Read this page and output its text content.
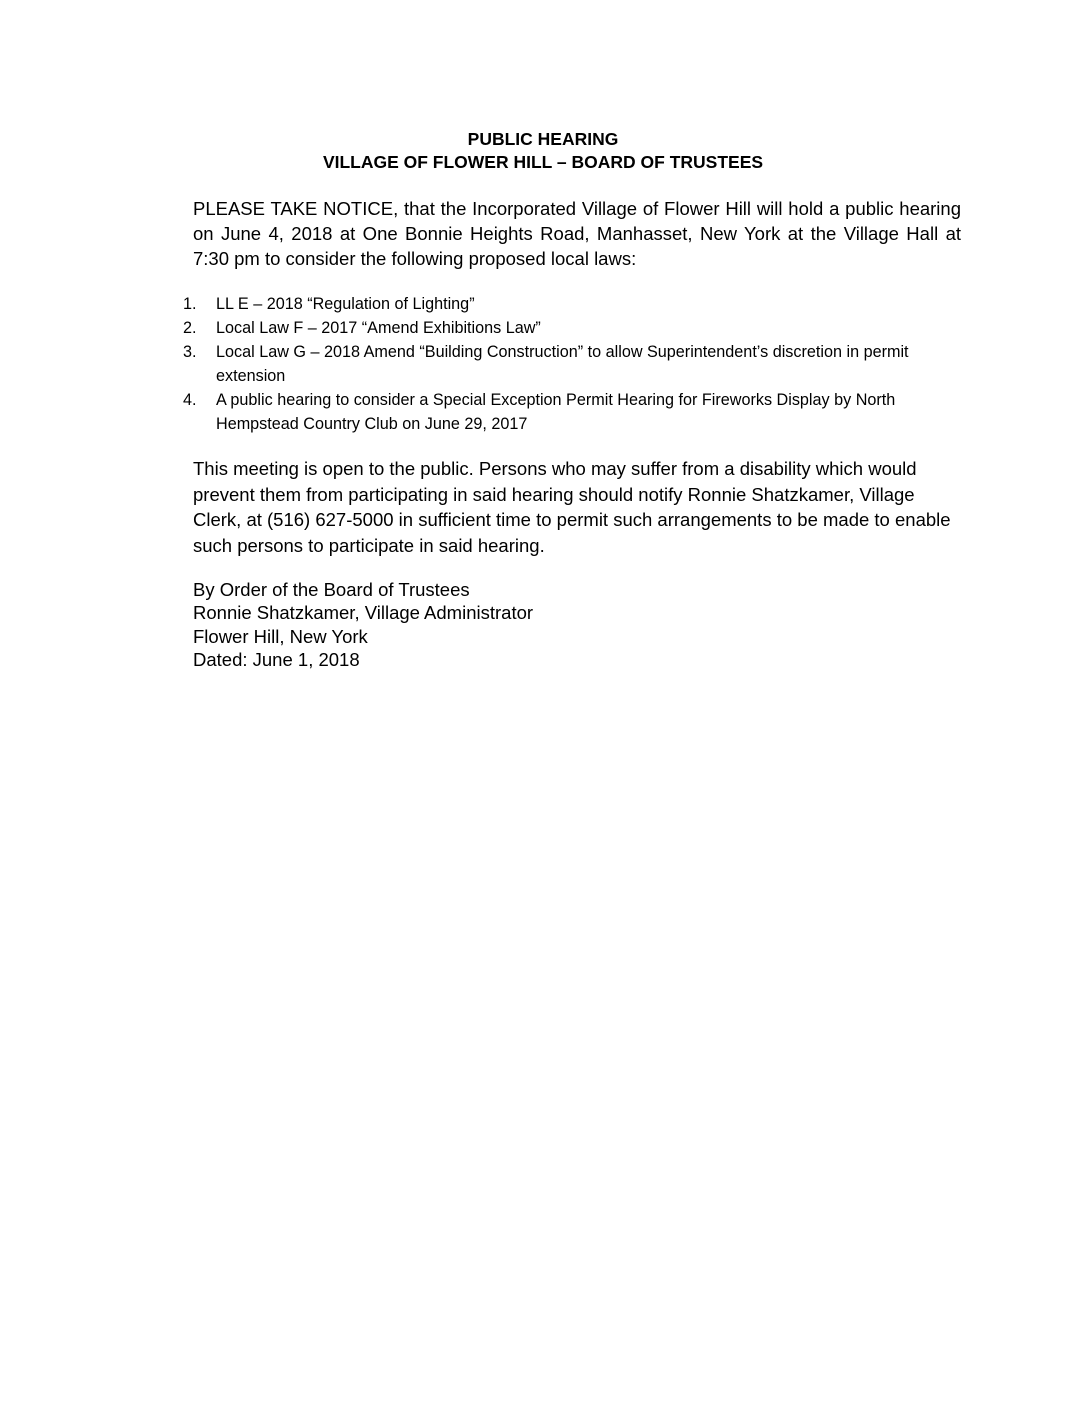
PUBLIC HEARING
VILLAGE OF FLOWER HILL – BOARD OF TRUSTEES

PLEASE TAKE NOTICE, that the Incorporated Village of Flower Hill will hold a public hearing on June 4, 2018 at One Bonnie Heights Road, Manhasset, New York at the Village Hall at 7:30 pm to consider the following proposed local laws:

1. LL E – 2018 “Regulation of Lighting”
2. Local Law F – 2017 “Amend Exhibitions Law”
3. Local Law G – 2018 Amend “Building Construction” to allow Superintendent’s discretion in permit extension
4. A public hearing to consider a Special Exception Permit Hearing for Fireworks Display by North Hempstead Country Club on June 29, 2017

This meeting is open to the public. Persons who may suffer from a disability which would prevent them from participating in said hearing should notify Ronnie Shatzkamer, Village Clerk, at (516) 627-5000 in sufficient time to permit such arrangements to be made to enable such persons to participate in said hearing.

By Order of the Board of Trustees
Ronnie Shatzkamer, Village Administrator
Flower Hill, New York
Dated: June 1, 2018
